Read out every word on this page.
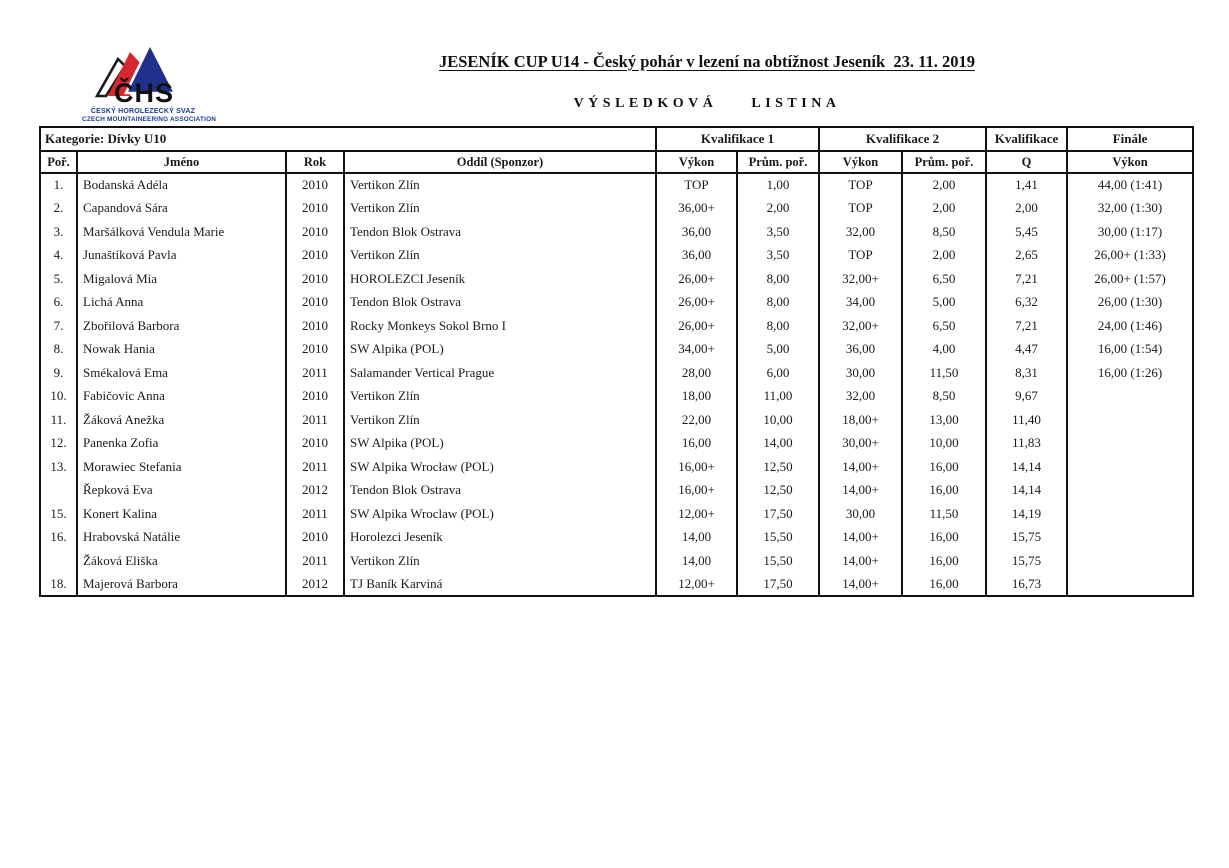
ČHS
ČESKÝ HOROLEZECKÝ SVAZ
CZECH MOUNTAINEERING ASSOCIATION
JESENÍK CUP U14 - Český pohár v lezení na obtížnost Jeseník  23. 11. 2019
VÝSLEDKOVÁ  LISTINA
Kategorie: Dívky U10				Kvalifikace 1		Kvalifikace 2		Kvalifikace	Finále
Poř.	Jméno	Rok	Oddíl (Sponzor)	Výkon	Prům. poř.	Výkon	Prům. poř.	Q	Výkon
1.	Bodanská Adéla	2010	Vertikon Zlín	TOP	1,00	TOP	2,00	1,41	44,00 (1:41)
2.	Capandová Sára	2010	Vertikon Zlín	36,00+	2,00	TOP	2,00	2,00	32,00 (1:30)
3.	Maršálková Vendula Marie	2010	Tendon Blok Ostrava	36,00	3,50	32,00	8,50	5,45	30,00 (1:17)
4.	Junaštíková Pavla	2010	Vertikon Zlín	36,00	3,50	TOP	2,00	2,65	26,00+ (1:33)
5.	Migalová Mia	2010	HOROLEZCI Jeseník	26,00+	8,00	32,00+	6,50	7,21	26,00+ (1:57)
6.	Lichá Anna	2010	Tendon Blok Ostrava	26,00+	8,00	34,00	5,00	6,32	26,00 (1:30)
7.	Zbořilová Barbora	2010	Rocky Monkeys Sokol Brno I	26,00+	8,00	32,00+	6,50	7,21	24,00 (1:46)
8.	Nowak Hania	2010	SW Alpika (POL)	34,00+	5,00	36,00	4,00	4,47	16,00 (1:54)
9.	Smékalová Ema	2011	Salamander Vertical Prague	28,00	6,00	30,00	11,50	8,31	16,00 (1:26)
10.	Fabičovic Anna	2010	Vertikon Zlín	18,00	11,00	32,00	8,50	9,67	
11.	Žáková Anežka	2011	Vertikon Zlín	22,00	10,00	18,00+	13,00	11,40	
12.	Panenka Zofia	2010	SW Alpika (POL)	16,00	14,00	30,00+	10,00	11,83	
13.	Morawiec Stefania	2011	SW Alpika Wrocław (POL)	16,00+	12,50	14,00+	16,00	14,14	
	Řepková Eva	2012	Tendon Blok Ostrava	16,00+	12,50	14,00+	16,00	14,14	
15.	Konert Kalina	2011	SW Alpika Wroclaw (POL)	12,00+	17,50	30,00	11,50	14,19	
16.	Hrabovská Natálie	2010	Horolezci Jeseník	14,00	15,50	14,00+	16,00	15,75	
	Žáková Eliška	2011	Vertikon Zlín	14,00	15,50	14,00+	16,00	15,75	
18.	Majerová Barbora	2012	TJ Baník Karviná	12,00+	17,50	14,00+	16,00	16,73	
